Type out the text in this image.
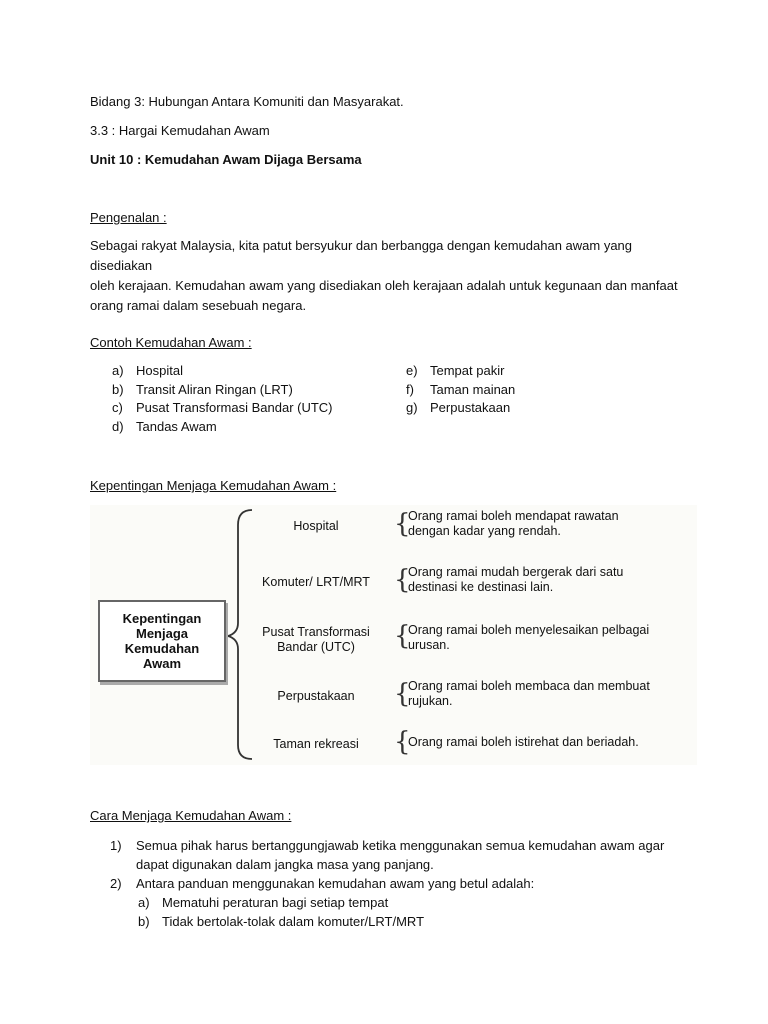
Bidang 3: Hubungan Antara Komuniti dan Masyarakat.
3.3 : Hargai Kemudahan Awam
Unit 10 : Kemudahan Awam Dijaga Bersama
Pengenalan :
Sebagai rakyat Malaysia, kita patut bersyukur dan berbangga dengan kemudahan awam yang disediakan
oleh kerajaan. Kemudahan awam yang disediakan oleh kerajaan adalah untuk kegunaan dan manfaat
orang ramai dalam sesebuah negara.
Contoh Kemudahan Awam :
a) Hospital
b) Transit Aliran Ringan (LRT)
c)	Pusat Transformasi Bandar (UTC)
d) Tandas Awam
e) Tempat pakir
f)	Taman mainan
g) Perpustakaan
Kepentingan Menjaga Kemudahan Awam :
Kepentingan
Menjaga
Kemudahan
Awam
Hospital	{
Orang ramai boleh mendapat rawatan
dengan kadar yang rendah.
Komuter/ LRT/MRT {
Orang ramai mudah bergerak dari satu
destinasi ke destinasi lain.
Pusat Transformasi
Bandar (UTC)	{
Orang ramai boleh menyelesaikan pelbagai
urusan.
Perpustakaan	{
Orang ramai boleh membaca dan membuat
rujukan.
Taman rekreasi	{
Orang ramai boleh istirehat dan beriadah.
Cara Menjaga Kemudahan Awam :
1)	Semua pihak harus bertanggungjawab ketika menggunakan semua kemudahan awam agar
dapat digunakan dalam jangka masa yang panjang.
2)	Antara panduan menggunakan kemudahan awam yang betul adalah:
a) Mematuhi peraturan bagi setiap tempat
b) Tidak bertolak-tolak dalam komuter/LRT/MRT
